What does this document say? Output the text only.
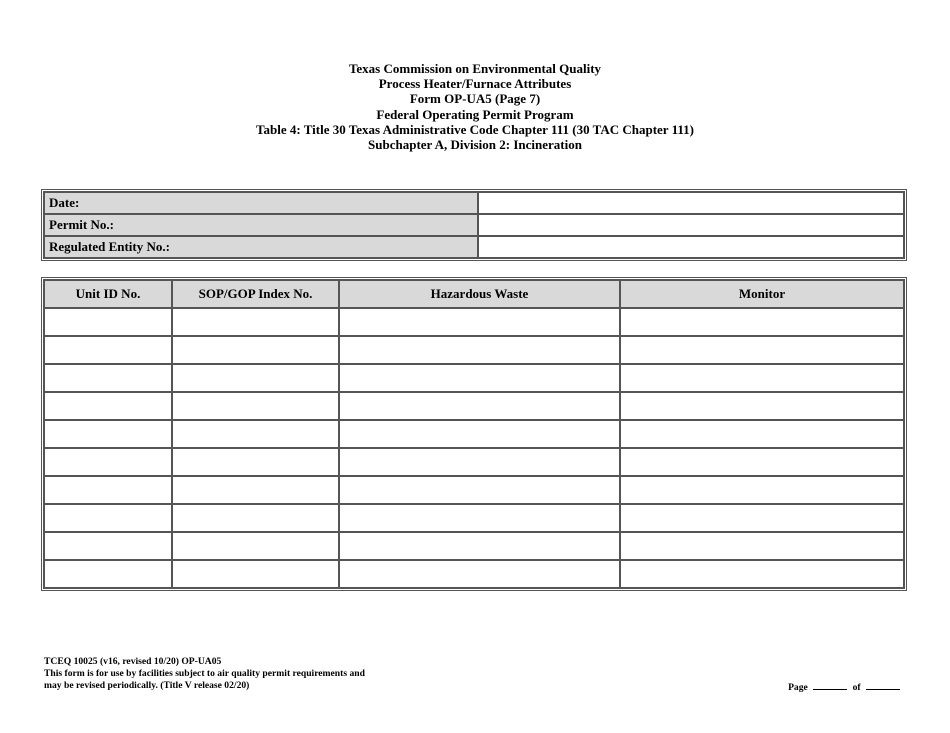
Texas Commission on Environmental Quality
Process Heater/Furnace Attributes
Form OP-UA5 (Page 7)
Federal Operating Permit Program
Table 4: Title 30 Texas Administrative Code Chapter 111 (30 TAC Chapter 111)
Subchapter A, Division 2: Incineration
Date:	
Permit No.:	
Regulated Entity No.:	
Unit ID No.	SOP/GOP Index No.	Hazardous Waste	Monitor

TCEQ 10025 (v16, revised 10/20) OP-UA05
This form is for use by facilities subject to air quality permit requirements and
may be revised periodically. (Title V release 02/20)	Page	of
